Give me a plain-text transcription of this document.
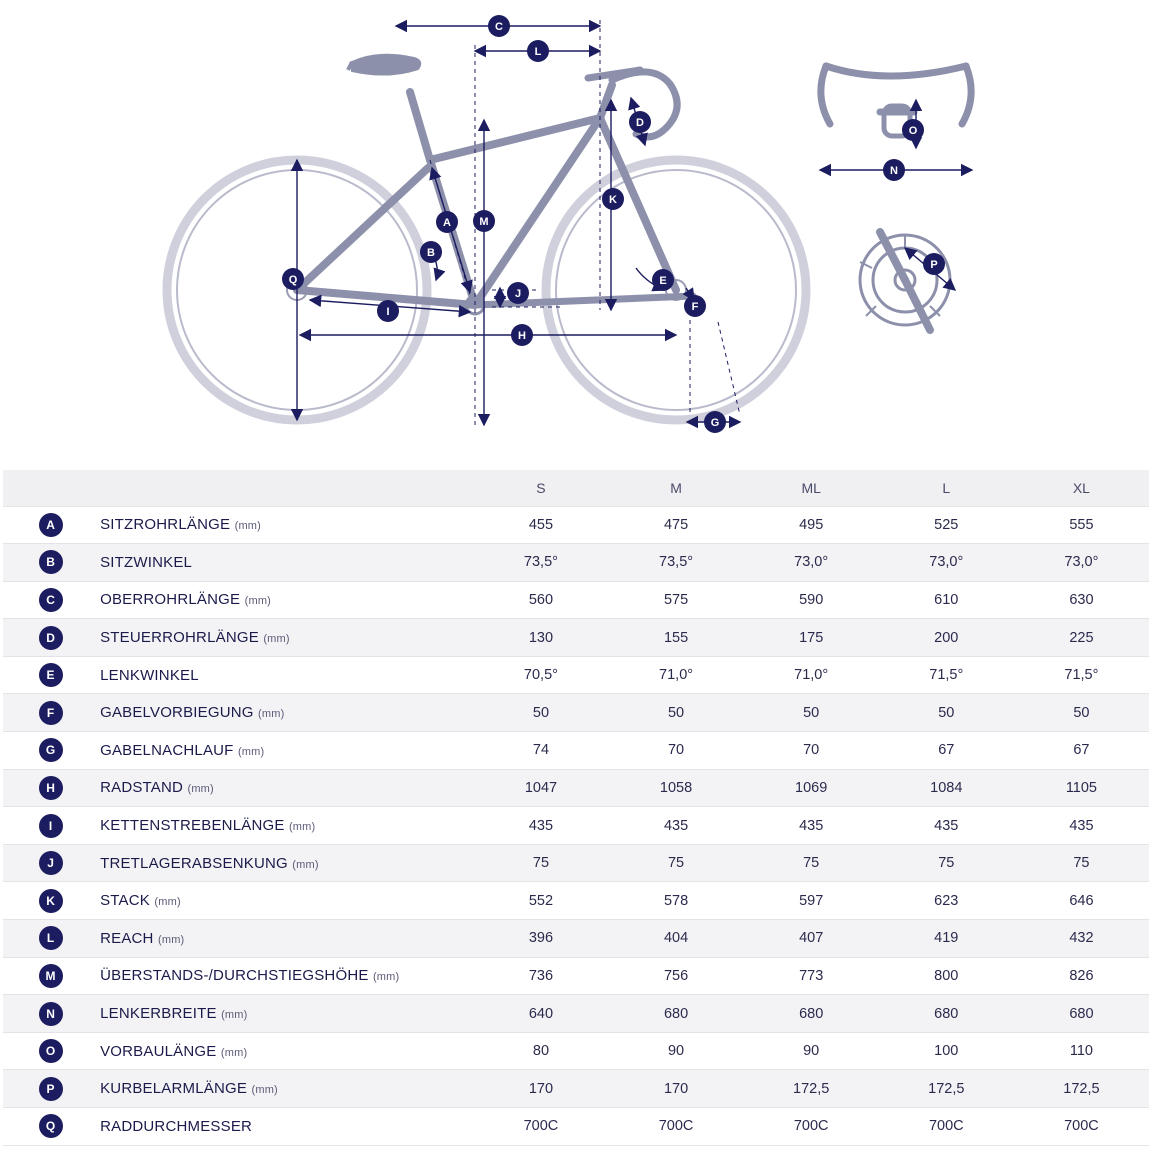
C
L
D
K
A	M
B
Q	E
F
J
I
H
G
O
N
P
		S	M	ML	L	XL
A	SITZROHRLÄNGE (mm)	455	475	495	525	555
B	SITZWINKEL	73,5°	73,5°	73,0°	73,0°	73,0°
C	OBERROHRLÄNGE (mm)	560	575	590	610	630
D	STEUERROHRLÄNGE (mm)	130	155	175	200	225
E	LENKWINKEL	70,5°	71,0°	71,0°	71,5°	71,5°
F	GABELVORBIEGUNG (mm)	50	50	50	50	50
G	GABELNACHLAUF (mm)	74	70	70	67	67
H	RADSTAND (mm)	1047	1058	1069	1084	1105
I	KETTENSTREBENLÄNGE (mm)	435	435	435	435	435
J	TRETLAGERABSENKUNG (mm)	75	75	75	75	75
K	STACK (mm)	552	578	597	623	646
L	REACH (mm)	396	404	407	419	432
M	ÜBERSTANDS-/DURCHSTIEGSHÖHE (mm)	736	756	773	800	826
N	LENKERBREITE (mm)	640	680	680	680	680
O	VORBAULÄNGE (mm)	80	90	90	100	110
P	KURBELARMLÄNGE (mm)	170	170	172,5	172,5	172,5
Q	RADDURCHMESSER	700C	700C	700C	700C	700C
